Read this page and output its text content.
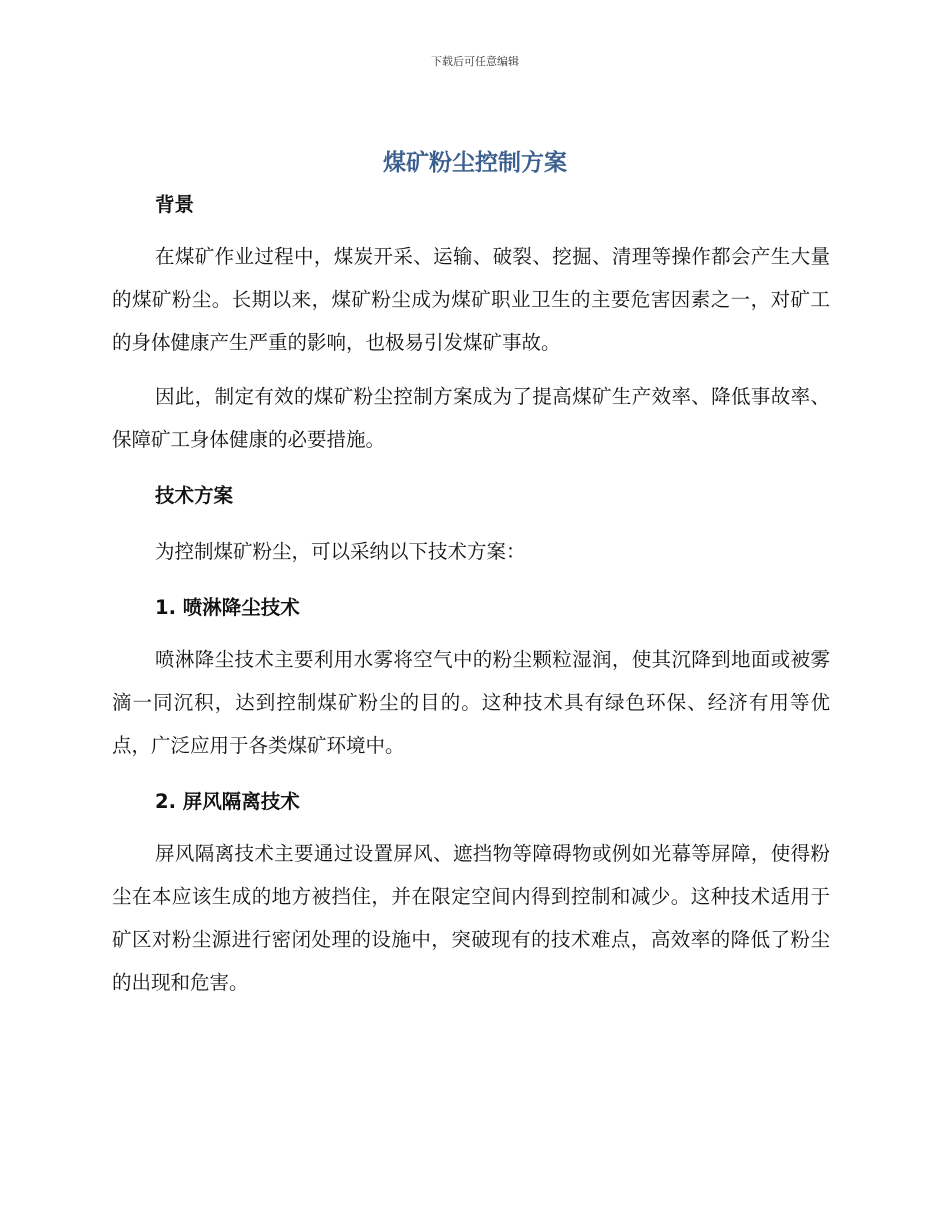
下载后可任意编辑
煤矿粉尘控制方案
背景

在煤矿作业过程中，煤炭开采、运输、破裂、挖掘、清理等操作都会产生大量的煤矿粉尘。长期以来，煤矿粉尘成为煤矿职业卫生的主要危害因素之一，对矿工的身体健康产生严重的影响，也极易引发煤矿事故。

因此，制定有效的煤矿粉尘控制方案成为了提高煤矿生产效率、降低事故率、保障矿工身体健康的必要措施。

技术方案

为控制煤矿粉尘，可以采纳以下技术方案：

1. 喷淋降尘技术

喷淋降尘技术主要利用水雾将空气中的粉尘颗粒湿润，使其沉降到地面或被雾滴一同沉积，达到控制煤矿粉尘的目的。这种技术具有绿色环保、经济有用等优点，广泛应用于各类煤矿环境中。

2. 屏风隔离技术

屏风隔离技术主要通过设置屏风、遮挡物等障碍物或例如光幕等屏障，使得粉尘在本应该生成的地方被挡住，并在限定空间内得到控制和减少。这种技术适用于矿区对粉尘源进行密闭处理的设施中，突破现有的技术难点，高效率的降低了粉尘的出现和危害。
